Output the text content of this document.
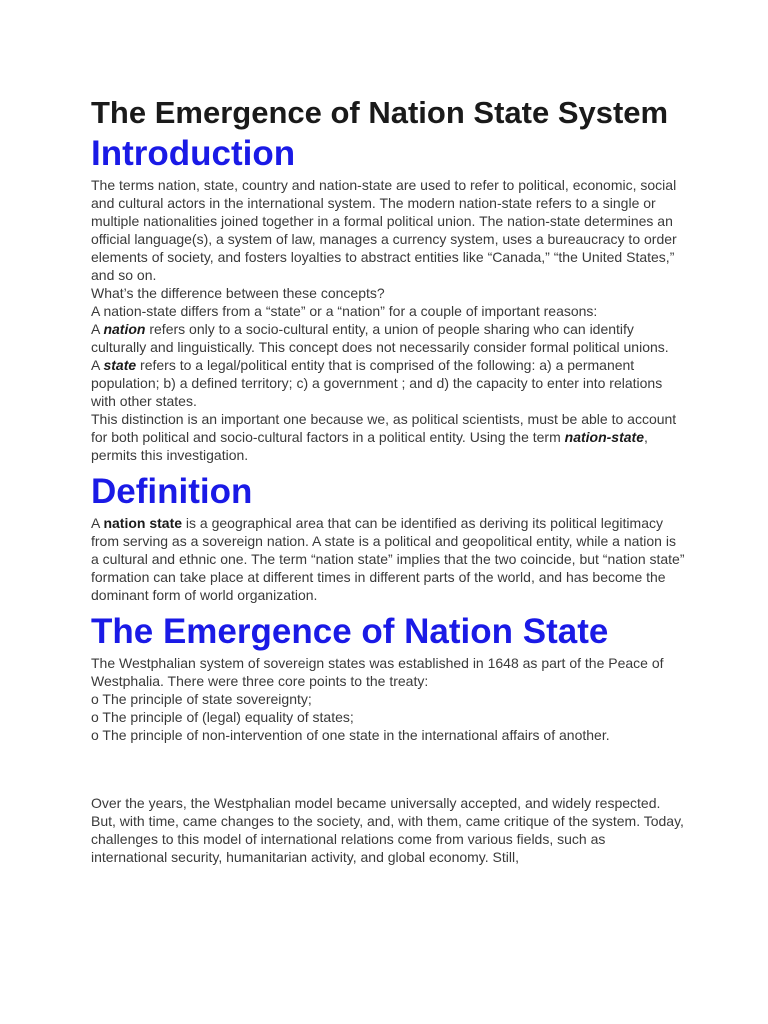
The Emergence of Nation State System
Introduction

The terms nation, state, country and nation-state are used to refer to political, economic, social and cultural actors in the international system. The modern nation-state refers to a single or multiple nationalities joined together in a formal political union. The nation-state determines an official language(s), a system of law, manages a currency system, uses a bureaucracy to order elements of society, and fosters loyalties to abstract entities like “Canada,” “the United States,” and so on.

What’s the difference between these concepts?

A nation-state differs from a “state” or a “nation” for a couple of important reasons:

A nation refers only to a socio-cultural entity, a union of people sharing who can identify culturally and linguistically. This concept does not necessarily consider formal political unions.

A state refers to a legal/political entity that is comprised of the following: a) a permanent population; b) a defined territory; c) a government ; and d) the capacity to enter into relations with other states.

This distinction is an important one because we, as political scientists, must be able to account for both political and socio-cultural factors in a political entity. Using the term nation-state, permits this investigation.

Definition

A nation state is a geographical area that can be identified as deriving its political legitimacy from serving as a sovereign nation. A state is a political and geopolitical entity, while a nation is a cultural and ethnic one. The term “nation state” implies that the two coincide, but “nation state” formation can take place at different times in different parts of the world, and has become the dominant form of world organization.

The Emergence of Nation State

The Westphalian system of sovereign states was established in 1648 as part of the Peace of Westphalia. There were three core points to the treaty:

o The principle of state sovereignty;

o The principle of (legal) equality of states;

o The principle of non-intervention of one state in the international affairs of another.

Over the years, the Westphalian model became universally accepted, and widely respected. But, with time, came changes to the society, and, with them, came critique of the system. Today, challenges to this model of international relations come from various fields, such as international security, humanitarian activity, and global economy. Still,
